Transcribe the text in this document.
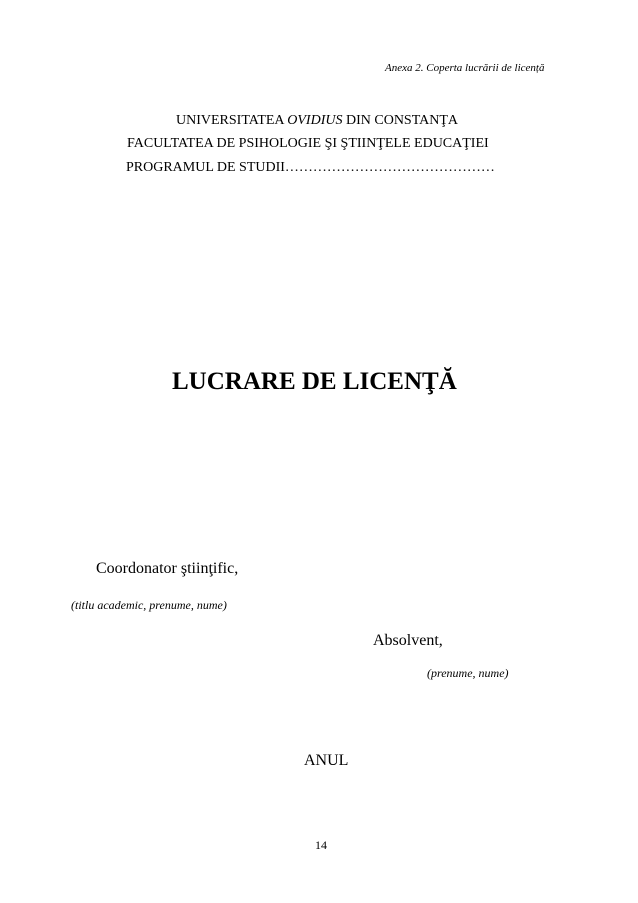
Anexa 2. Coperta lucrării de licență
UNIVERSITATEA OVIDIUS DIN CONSTANŢA
FACULTATEA DE PSIHOLOGIE ŞI ŞTIINŢELE EDUCAŢIEI
PROGRAMUL DE STUDII………………………………………
LUCRARE DE LICENŢĂ
Coordonator ştiinţific,
(titlu academic, prenume, nume)
Absolvent,
(prenume, nume)
ANUL
14
